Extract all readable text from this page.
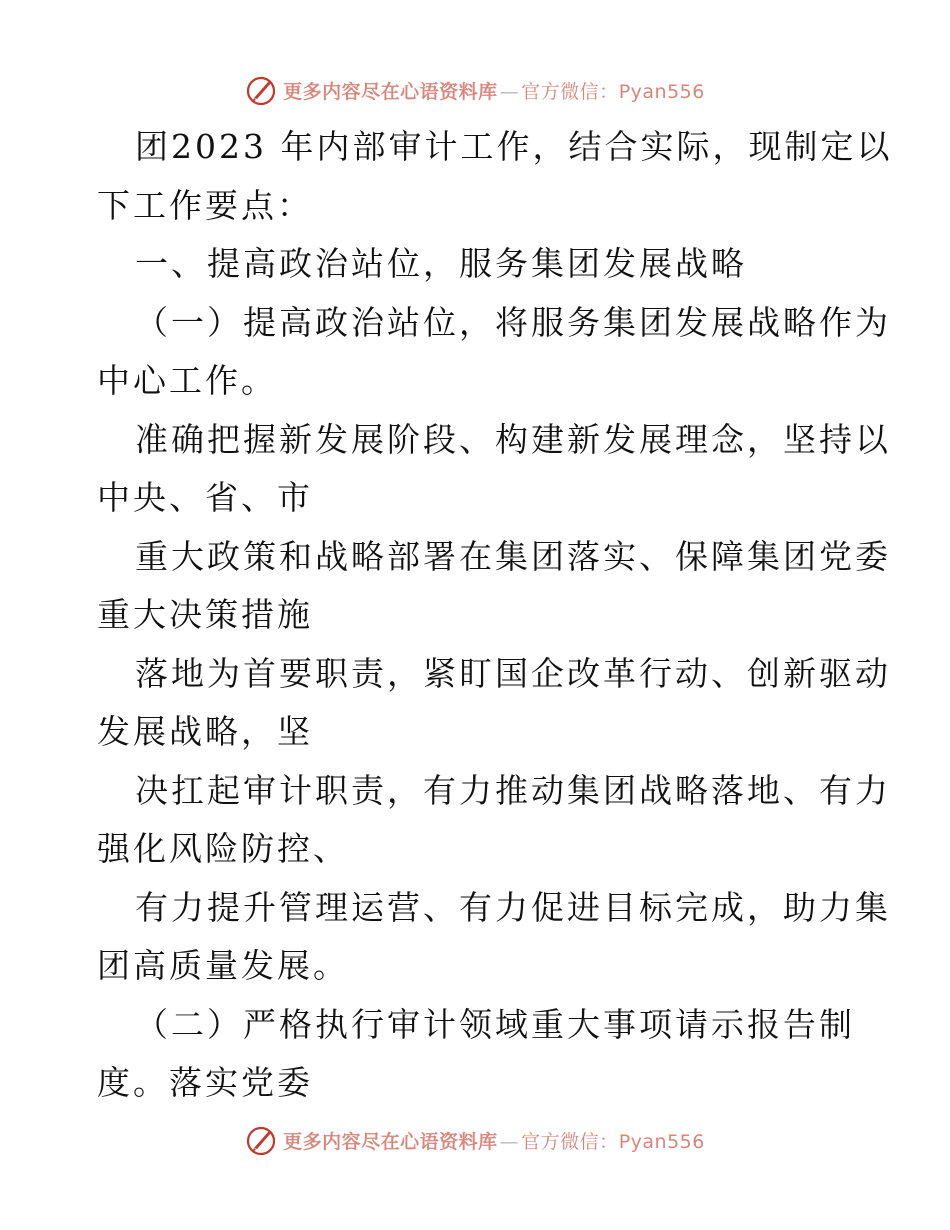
更多内容尽在心语资料库 — 官方微信：Pyan556
团2023 年内部审计工作，结合实际，现制定以
下工作要点：
一、提高政治站位，服务集团发展战略
（一）提高政治站位，将服务集团发展战略作为
中心工作。
准确把握新发展阶段、构建新发展理念，坚持以
中央、省、市
重大政策和战略部署在集团落实、保障集团党委
重大决策措施
落地为首要职责，紧盯国企改革行动、创新驱动
发展战略，坚
决扛起审计职责，有力推动集团战略落地、有力
强化风险防控、
有力提升管理运营、有力促进目标完成，助力集
团高质量发展。
（二）严格执行审计领域重大事项请示报告制
度。落实党委
更多内容尽在心语资料库 — 官方微信：Pyan556
